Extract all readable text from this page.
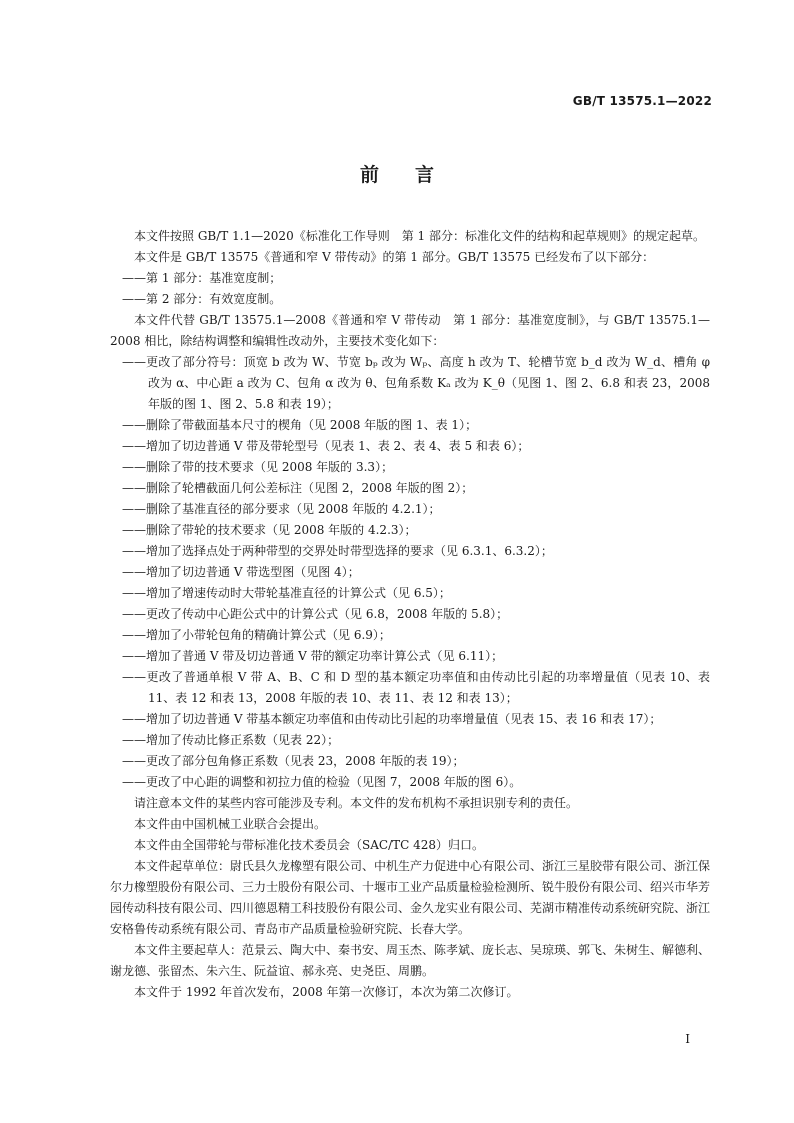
GB/T 13575.1—2022
前言

本文件按照 GB/T 1.1—2020《标准化工作导则　第 1 部分：标准化文件的结构和起草规则》的规定起草。

本文件是 GB/T 13575《普通和窄 V 带传动》的第 1 部分。GB/T 13575 已经发布了以下部分：

——第 1 部分：基准宽度制；

——第 2 部分：有效宽度制。

本文件代替 GB/T 13575.1—2008《普通和窄 V 带传动　第 1 部分：基准宽度制》，与 GB/T 13575.1—2008 相比，除结构调整和编辑性改动外，主要技术变化如下：

——更改了部分符号：顶宽 b 改为 W、节宽 bₚ 改为 Wₚ、高度 h 改为 T、轮槽节宽 b_d 改为 W_d、槽角 φ 改为 α、中心距 a 改为 C、包角 α 改为 θ、包角系数 Kₐ 改为 K_θ（见图 1、图 2、6.8 和表 23，2008 年版的图 1、图 2、5.8 和表 19）；

——删除了带截面基本尺寸的楔角（见 2008 年版的图 1、表 1）；

——增加了切边普通 V 带及带轮型号（见表 1、表 2、表 4、表 5 和表 6）；

——删除了带的技术要求（见 2008 年版的 3.3）；

——删除了轮槽截面几何公差标注（见图 2，2008 年版的图 2）；

——删除了基准直径的部分要求（见 2008 年版的 4.2.1）；

——删除了带轮的技术要求（见 2008 年版的 4.2.3）；

——增加了选择点处于两种带型的交界处时带型选择的要求（见 6.3.1、6.3.2）；

——增加了切边普通 V 带选型图（见图 4）；

——增加了增速传动时大带轮基准直径的计算公式（见 6.5）；

——更改了传动中心距公式中的计算公式（见 6.8，2008 年版的 5.8）；

——增加了小带轮包角的精确计算公式（见 6.9）；

——增加了普通 V 带及切边普通 V 带的额定功率计算公式（见 6.11）；

——更改了普通单根 V 带 A、B、C 和 D 型的基本额定功率值和由传动比引起的功率增量值（见表 10、表 11、表 12 和表 13，2008 年版的表 10、表 11、表 12 和表 13）；

——增加了切边普通 V 带基本额定功率值和由传动比引起的功率增量值（见表 15、表 16 和表 17）；

——增加了传动比修正系数（见表 22）；

——更改了部分包角修正系数（见表 23，2008 年版的表 19）；

——更改了中心距的调整和初拉力值的检验（见图 7，2008 年版的图 6）。

请注意本文件的某些内容可能涉及专利。本文件的发布机构不承担识别专利的责任。

本文件由中国机械工业联合会提出。

本文件由全国带轮与带标准化技术委员会（SAC/TC 428）归口。

本文件起草单位：尉氏县久龙橡塑有限公司、中机生产力促进中心有限公司、浙江三星胶带有限公司、浙江保尔力橡塑股份有限公司、三力士股份有限公司、十堰市工业产品质量检验检测所、锐牛股份有限公司、绍兴市华芳园传动科技有限公司、四川德恩精工科技股份有限公司、金久龙实业有限公司、芜湖市精准传动系统研究院、浙江安格鲁传动系统有限公司、青岛市产品质量检验研究院、长春大学。

本文件主要起草人：范景云、陶大中、秦书安、周玉杰、陈孝斌、庞长志、吴琼瑛、郭飞、朱树生、解德利、谢龙德、张留杰、朱六生、阮益谊、郝永亮、史尧臣、周鹏。

本文件于 1992 年首次发布，2008 年第一次修订，本次为第二次修订。

I
